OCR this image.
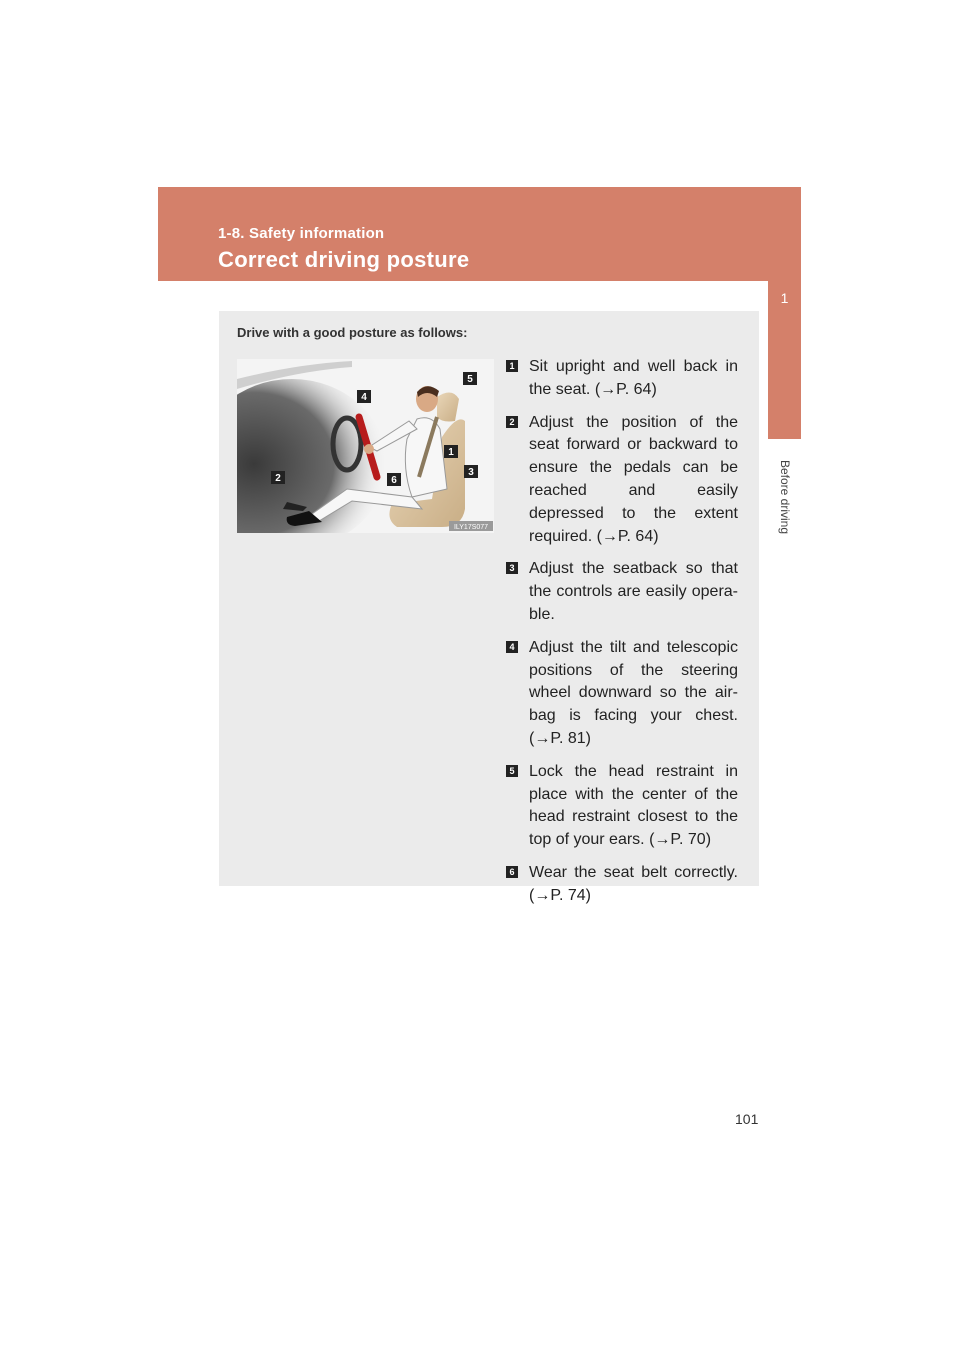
1-8. Safety information
Correct driving posture
1
Before driving
Drive with a good posture as follows:
5
4
1
3
2	6
ILY17S077
1 Sit upright and well back in the seat. (→P. 64)
2 Adjust the position of the seat forward or backward to ensure the pedals can be reached and easily depressed to the extent required. (→P. 64)
3 Adjust the seatback so that the controls are easily opera-ble.
4 Adjust the tilt and telescopic positions of the steering wheel downward so the air-bag is facing your chest. (→P. 81)
5 Lock the head restraint in place with the center of the head restraint closest to the top of your ears. (→P. 70)
6 Wear the seat belt correctly. (→P. 74)
101
